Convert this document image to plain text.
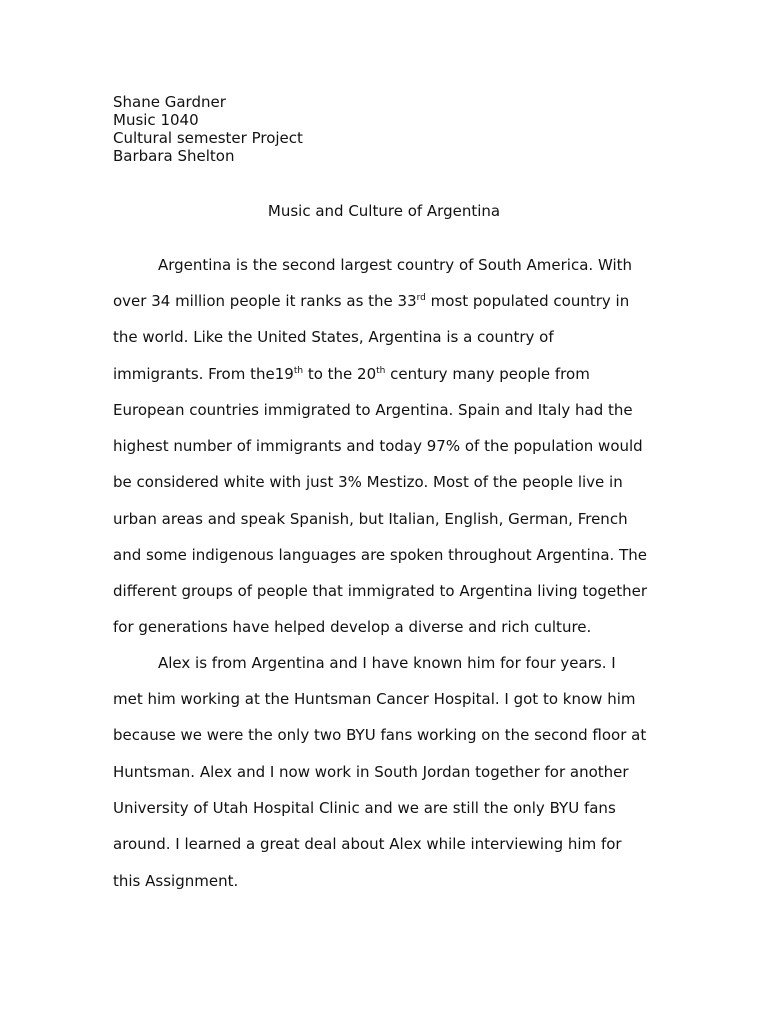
Shane Gardner
Music 1040
Cultural semester Project
Barbara Shelton
Music and Culture of Argentina
Argentina is the second largest country of South America. With
over 34 million people it ranks as the 33rd most populated country in
the world. Like the United States, Argentina is a country of
immigrants. From the19th to the 20th century many people from
European countries immigrated to Argentina. Spain and Italy had the
highest number of immigrants and today 97% of the population would
be considered white with just 3% Mestizo. Most of the people live in
urban areas and speak Spanish, but Italian, English, German, French
and some indigenous languages are spoken throughout Argentina. The
different groups of people that immigrated to Argentina living together
for generations have helped develop a diverse and rich culture.
Alex is from Argentina and I have known him for four years. I
met him working at the Huntsman Cancer Hospital. I got to know him
because we were the only two BYU fans working on the second floor at
Huntsman. Alex and I now work in South Jordan together for another
University of Utah Hospital Clinic and we are still the only BYU fans
around. I learned a great deal about Alex while interviewing him for
this Assignment.
